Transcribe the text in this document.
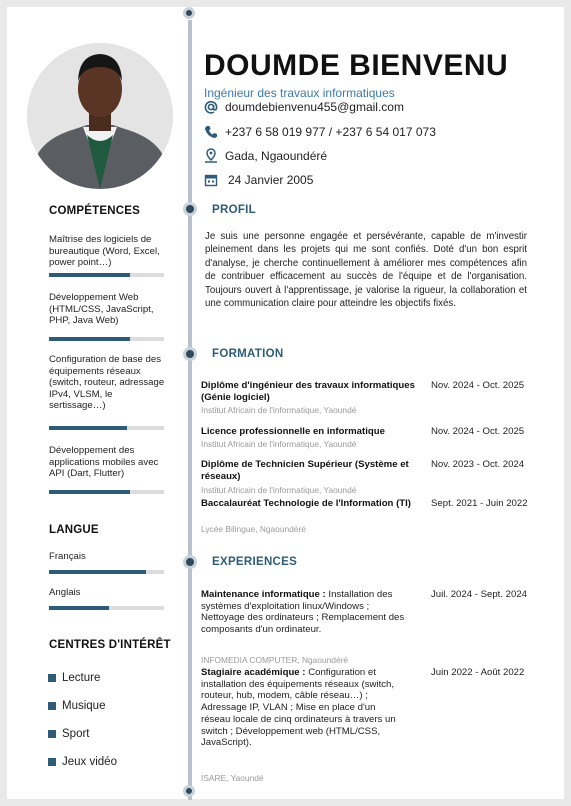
DOUMDE BIENVENU
Ingénieur des travaux informatiques
doumdebienvenu455@gmail.com
+237 6 58 019 977 / +237 6 54 017 073
Gada, Ngaoundéré
24 Janvier 2005
COMPÉTENCES
Maîtrise des logiciels de bureautique (Word, Excel, power point…)
Développement Web (HTML/CSS, JavaScript, PHP, Java Web)
Configuration de base des équipements réseaux (switch, routeur, adressage IPv4, VLSM, le sertissage…)
Développement des applications mobiles avec API (Dart, Flutter)
LANGUE
Français
Anglais
CENTRES D'INTÉRÊT
Lecture
Musique
Sport
Jeux vidéo
PROFIL
Je suis une personne engagée et persévérante, capable de m'investir pleinement dans les projets qui me sont confiés. Doté d'un bon esprit d'analyse, je cherche continuellement à améliorer mes compétences afin de contribuer efficacement au succès de l'équipe et de l'organisation. Toujours ouvert à l'apprentissage, je valorise la rigueur, la collaboration et une communication claire pour atteindre les objectifs fixés.
FORMATION
Diplôme d'ingénieur des travaux informatiques (Génie logiciel)
Institut Africain de l'informatique, Yaoundé
Nov. 2024 - Oct. 2025
Licence professionnelle en informatique
Institut Africain de l'informatique, Yaoundé
Nov. 2024 - Oct. 2025
Diplôme de Technicien Supérieur (Système et réseaux)
Institut Africain de l'informatique, Yaoundé
Nov. 2023 - Oct. 2024
Baccalauréat Technologie de l'Information (TI)
Lycée Bilingue, Ngaoundéré
Sept. 2021 - Juin 2022
EXPERIENCES
Maintenance informatique : Installation des systèmes d'exploitation linux/Windows ; Nettoyage des ordinateurs ; Remplacement des composants d'un ordinateur.
INFOMEDIA COMPUTER, Ngaoundéré
Juil. 2024 - Sept. 2024
Stagiaire académique : Configuration et installation des équipements réseaux (switch, routeur, hub, modem, câble réseau…) ; Adressage IP, VLAN ; Mise en place d'un réseau locale de cinq ordinateurs à travers un switch ; Développement web (HTML/CSS, JavaScript).
ISARE, Yaoundé
Juin 2022 - Août 2022
